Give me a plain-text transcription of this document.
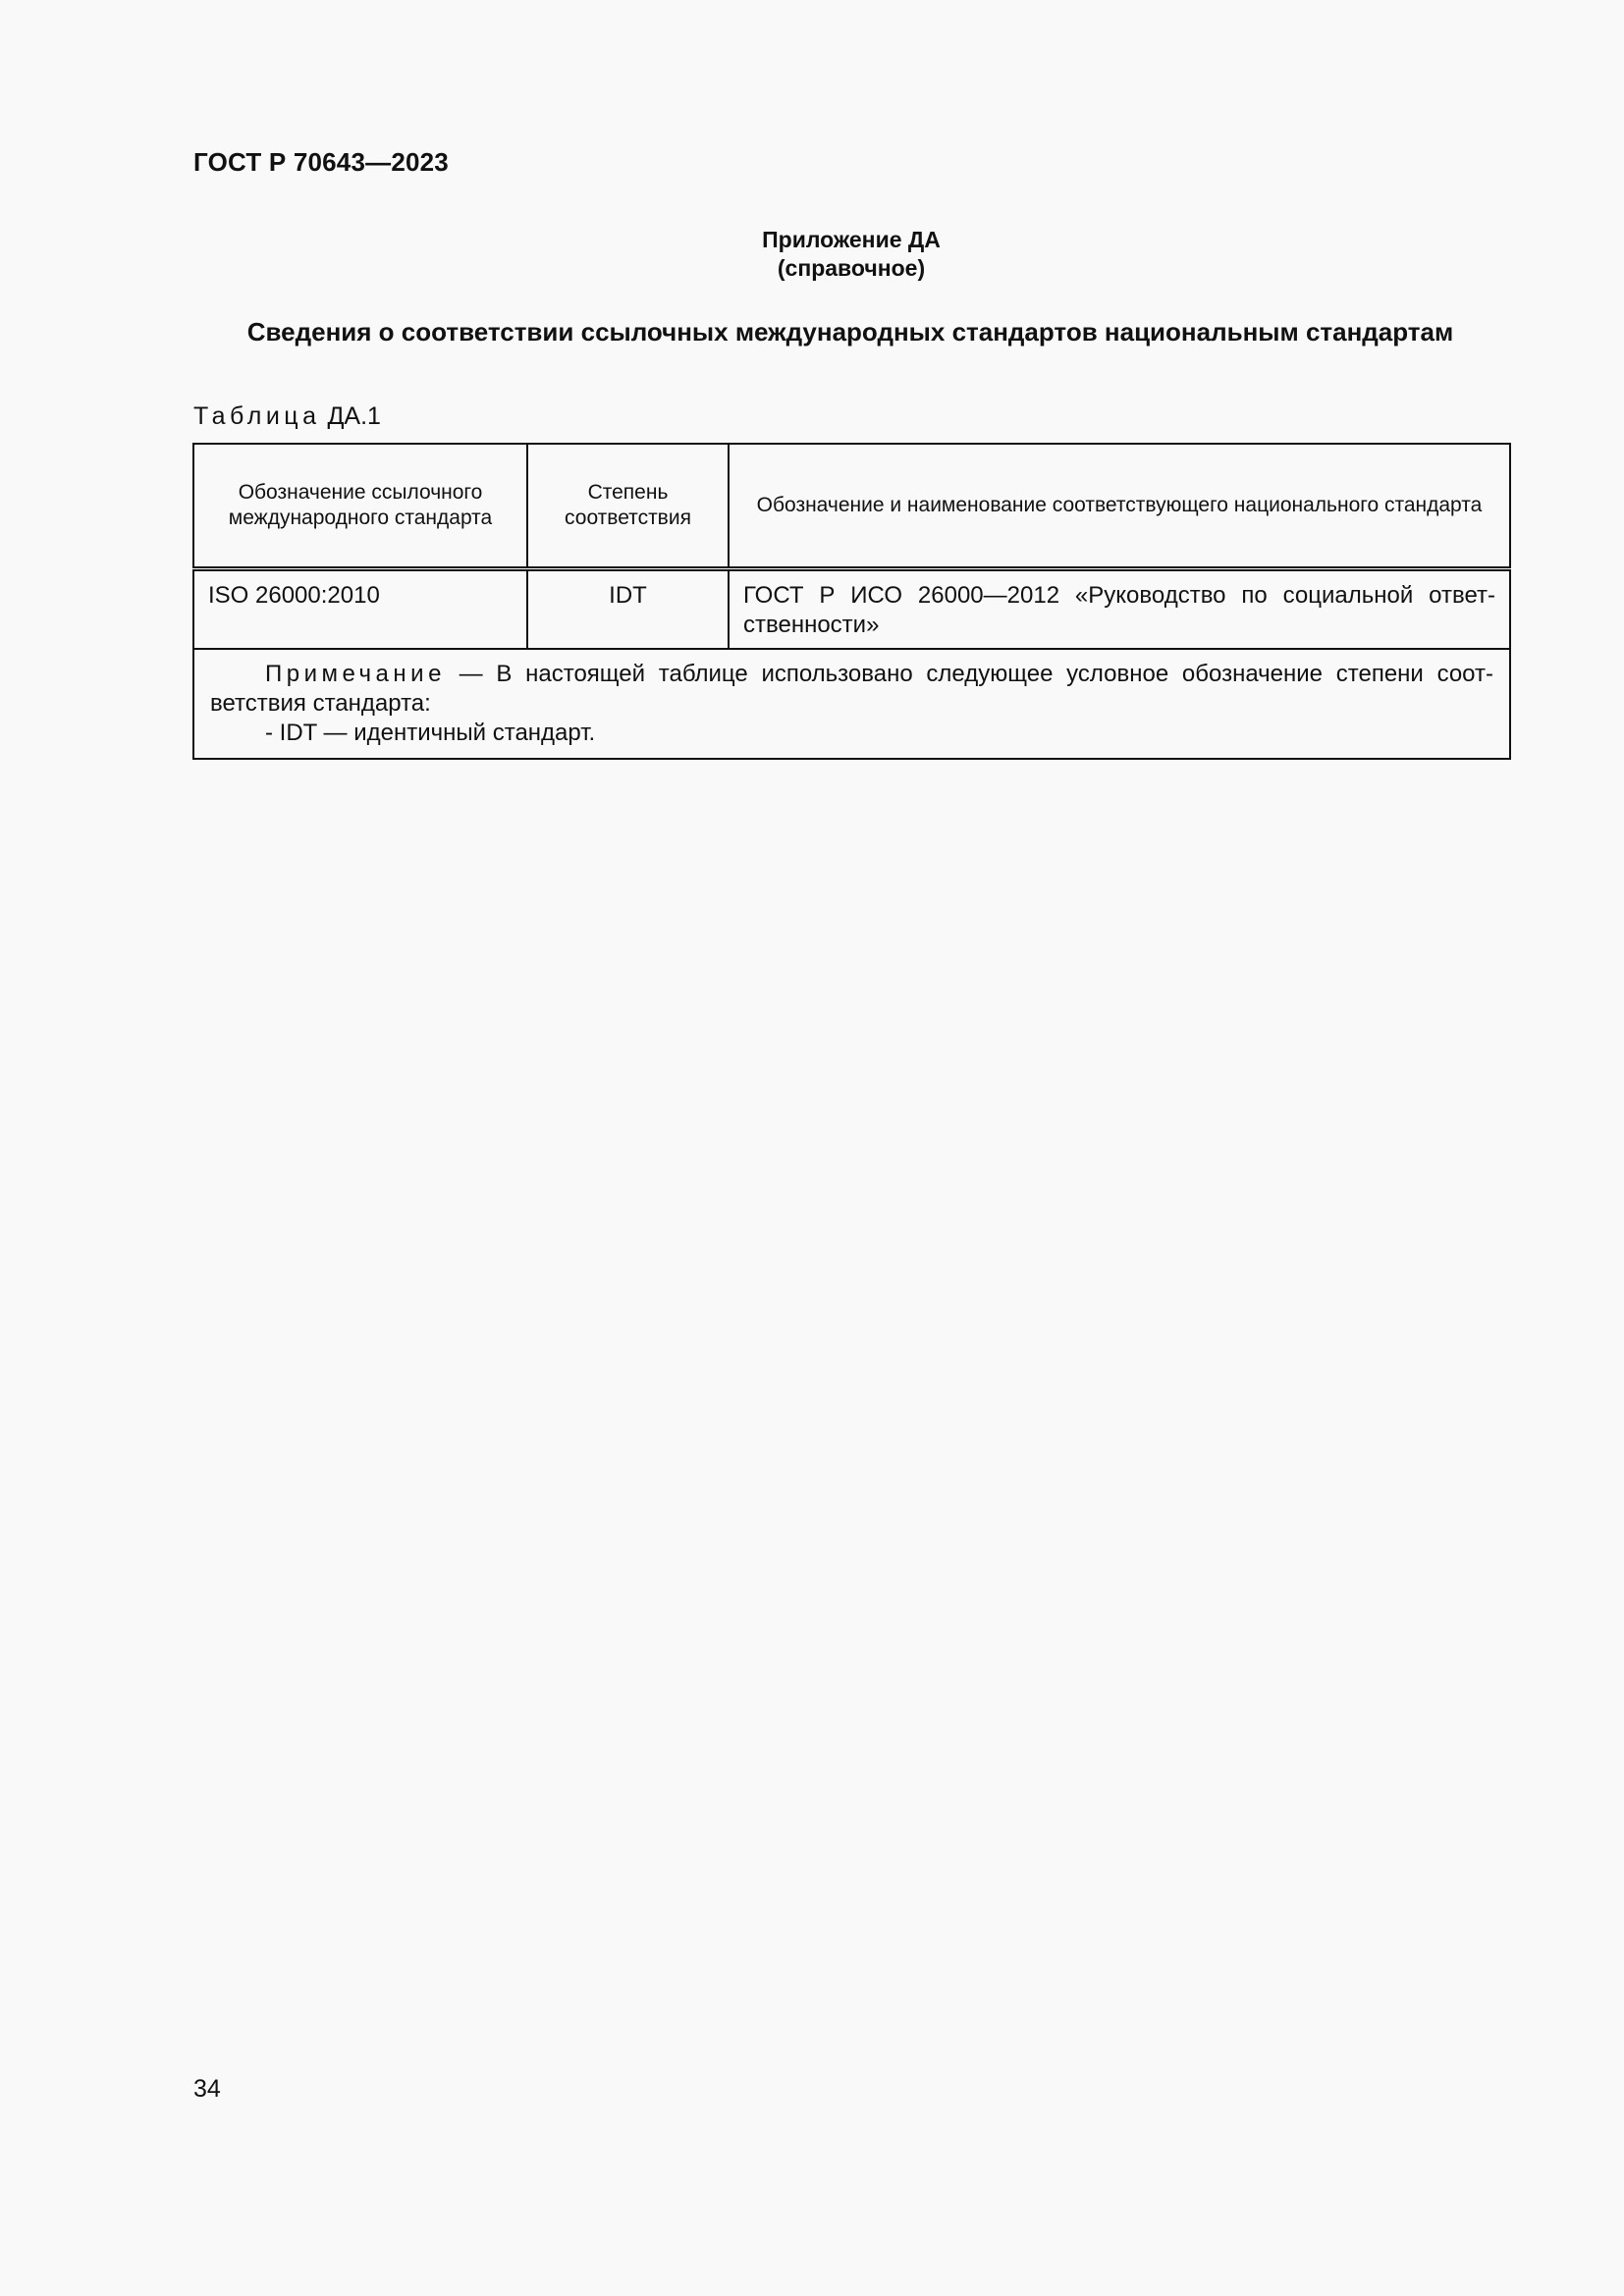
ГОСТ Р 70643—2023
Приложение ДА
(справочное)
Сведения о соответствии ссылочных международных стандартов национальным стандартам
Таблица ДА.1
Обозначение ссылочного международного стандарта	Степень соответствия	Обозначение и наименование соответствующего национального стандарта
ISO 26000:2010	IDT	ГОСТ Р ИСО 26000—2012 «Руководство по социальной ответ-ственности»

Примечание — В настоящей таблице использовано следующее условное обозначение степени соот-ветствия стандарта:
- IDT — идентичный стандарт.		
34
